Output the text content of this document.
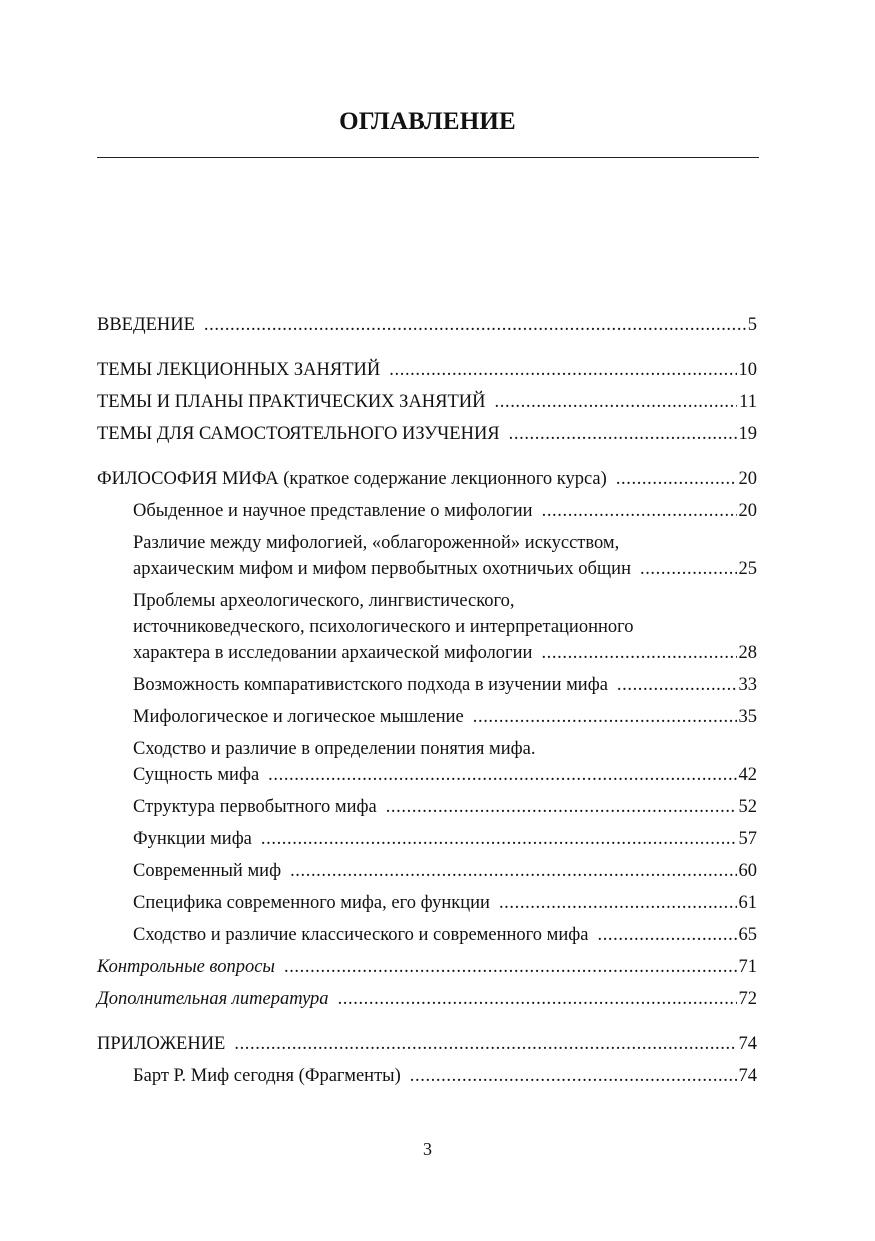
ОГЛАВЛЕНИЕ
ВВЕДЕНИЕ .....	5
ТЕМЫ ЛЕКЦИОННЫХ ЗАНЯТИЙ .....	10
ТЕМЫ И ПЛАНЫ ПРАКТИЧЕСКИХ ЗАНЯТИЙ .....	11
ТЕМЫ ДЛЯ САМОСТОЯТЕЛЬНОГО ИЗУЧЕНИЯ .....	19
ФИЛОСОФИЯ МИФА (краткое содержание лекционного курса) .....	20
Обыденное и научное представление о мифологии .....	20
Различие между мифологией, «облагороженной» искусством,
архаическим мифом и мифом первобытных охотничьих общин .....	25
Проблемы археологического, лингвистического,
источниковедческого, психологического и интерпретационного
характера в исследовании архаической мифологии .....	28
Возможность компаративистского подхода в изучении мифа .....	33
Мифологическое и логическое мышление .....	35
Сходство и различие в определении понятия мифа.
Сущность мифа .....	42
Структура первобытного мифа .....	52
Функции мифа .....	57
Современный миф .....	60
Специфика современного мифа, его функции .....	61
Сходство и различие классического и современного мифа .....	65
Контрольные вопросы .....	71
Дополнительная литература .....	72
ПРИЛОЖЕНИЕ .....	74
Барт Р. Миф сегодня (Фрагменты) .....	74
3
